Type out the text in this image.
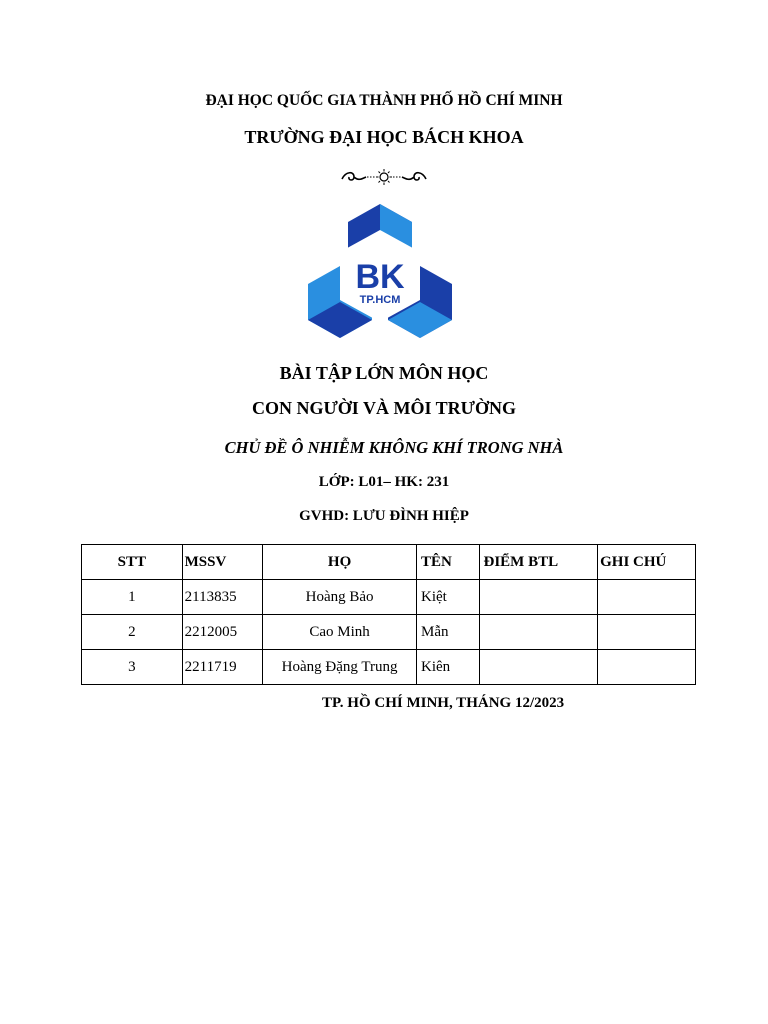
ĐẠI HỌC QUỐC GIA THÀNH PHỐ HỒ CHÍ MINH
TRƯỜNG ĐẠI HỌC BÁCH KHOA
BK
TP.HCM
BÀI TẬP LỚN MÔN HỌC
CON NGƯỜI VÀ MÔI TRƯỜNG
CHỦ ĐỀ Ô NHIỄM KHÔNG KHÍ TRONG NHÀ
LỚP: L01– HK: 231
GVHD: LƯU ĐÌNH HIỆP
STT	MSSV	HỌ	TÊN	ĐIỂM BTL	GHI CHÚ
1	2113835	Hoàng Bảo	Kiệt		
2	2212005	Cao Minh	Mẫn		
3	2211719	Hoàng Đặng Trung	Kiên		
TP. HỒ CHÍ MINH, THÁNG 12/2023
